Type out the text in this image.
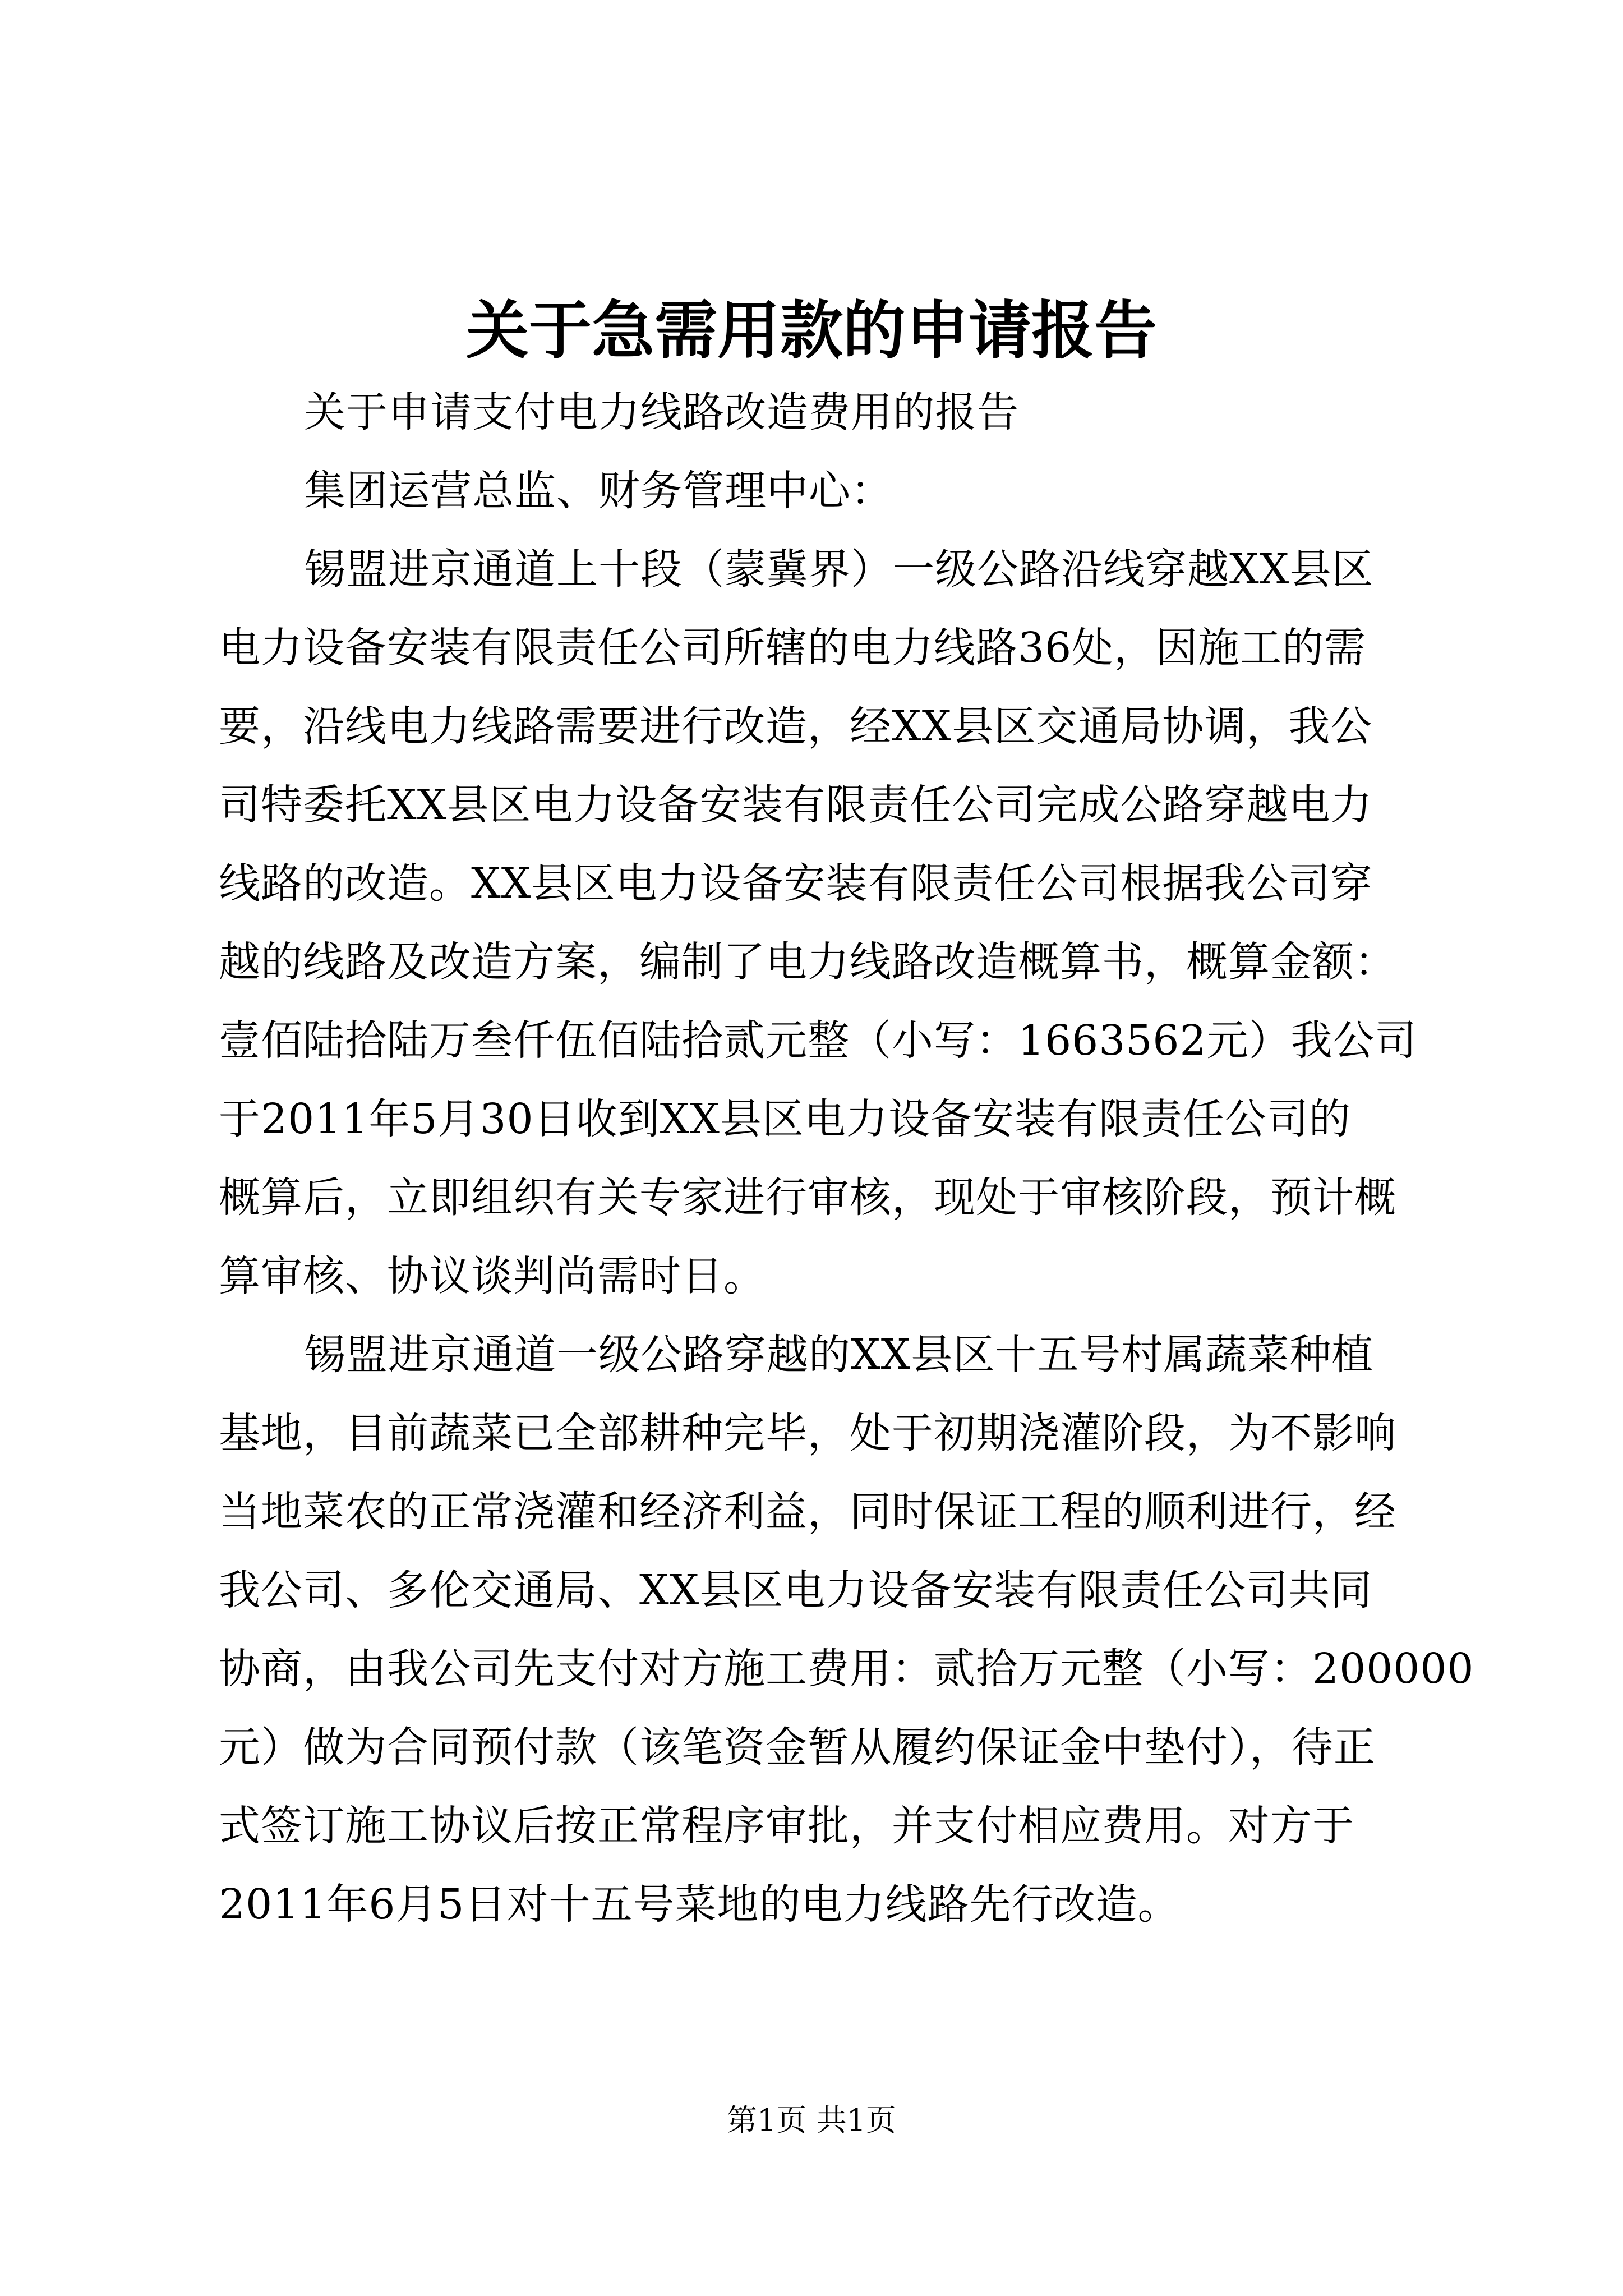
关于急需用款的申请报告

关于申请支付电力线路改造费用的报告

集团运营总监、财务管理中心：

锡盟进京通道上十段（蒙冀界）一级公路沿线穿越XX县区
电力设备安装有限责任公司所辖的电力线路36处，因施工的需
要，沿线电力线路需要进行改造，经XX县区交通局协调，我公
司特委托XX县区电力设备安装有限责任公司完成公路穿越电力
线路的改造。XX县区电力设备安装有限责任公司根据我公司穿
越的线路及改造方案，编制了电力线路改造概算书，概算金额：
壹佰陆拾陆万叁仟伍佰陆拾贰元整（小写：1663562元）我公司
于2011年5月30日收到XX县区电力设备安装有限责任公司的
概算后，立即组织有关专家进行审核，现处于审核阶段，预计概
算审核、协议谈判尚需时日。
锡盟进京通道一级公路穿越的XX县区十五号村属蔬菜种植
基地，目前蔬菜已全部耕种完毕，处于初期浇灌阶段，为不影响
当地菜农的正常浇灌和经济利益，同时保证工程的顺利进行，经
我公司、多伦交通局、XX县区电力设备安装有限责任公司共同
协商，由我公司先支付对方施工费用：贰拾万元整（小写：200000
元）做为合同预付款（该笔资金暂从履约保证金中垫付），待正
式签订施工协议后按正常程序审批，并支付相应费用。对方于
2011年6月5日对十五号菜地的电力线路先行改造。
第1页 共1页
